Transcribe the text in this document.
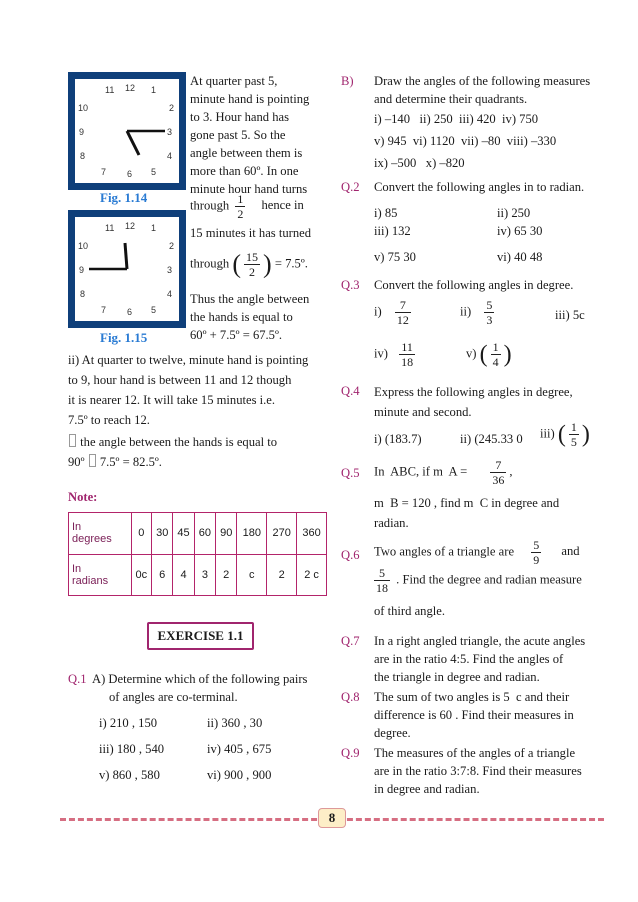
11 12 1
10	2
9	3
8	4
7 6 5
Fig. 1.14
11 12 1
10	2
9	3
8	4
7 6 5
Fig. 1.15
At quarter past 5,
minute hand is pointing
to 3. Hour hand has
gone past 5. So the
angle between them is
more than 60º. In one
minute hour hand turns
through $\frac{1}{2}$ hence in
15 minutes it has turned
through ( $\frac{15}{2}$ ) = 7.5º.
Thus the angle between
the hands is equal to
60º + 7.5º = 67.5º.
ii) At quarter to twelve, minute hand is pointing
to 9, hour hand is between 11 and 12 though
it is nearer 12. It will take 15 minutes i.e.
7.5º to reach 12.
the angle between the hands is equal to
90º 7.5º = 82.5º.
Note:
In
degrees	0	30	45	60	90	180	270	360

In
radians	0c	6	4	3	2	c	2	2 c
EXERCISE 1.1
Q.1 A) Determine which of the following pairs
of angles are co-terminal.
i) 210 , 150	ii) 360 , 30
iii) 180 , 540	iv) 405 , 675
v) 860 , 580	vi) 900 , 900
B) Draw the angles of the following measures
and determine their quadrants.
i) –140   ii) 250  iii) 420  iv) 750
v) 945  vi) 1120  vii) –80  viii) –330
ix) –500   x) –820
Q.2 Convert the following angles in to radian.
i) 85	ii) 250
iii) 132	iv) 65 30
v) 75 30	vi) 40 48
Q.3 Convert the following angles in degree.
$i) \frac{7}{12}$	$ii) \frac{5}{3}$	iii) 5c
$iv) \frac{11}{18}$	v) ( $\frac{1}{4}$ )
Q.4 Express the following angles in degree,
minute and second.
i) (183.7)	ii) (245.33 0 iii) ( $\frac{1}{5}$ )
Q.5 In  ABC, if m  $A = \frac{7}{36}$ ,
m  B = 120 , find m  C in degree and
radian.
Q.6 Two angles of a triangle are $\frac{5}{9}$ and
$\frac{5}{18}$ . Find the degree and radian measure
of third angle.
Q.7 In a right angled triangle, the acute angles
are in the ratio 4:5. Find the angles of
the triangle in degree and radian.
Q.8 The sum of two angles is 5  c and their
difference is 60 . Find their measures in
degree.
Q.9 The measures of the angles of a triangle
are in the ratio 3:7:8. Find their measures
in degree and radian.
8
